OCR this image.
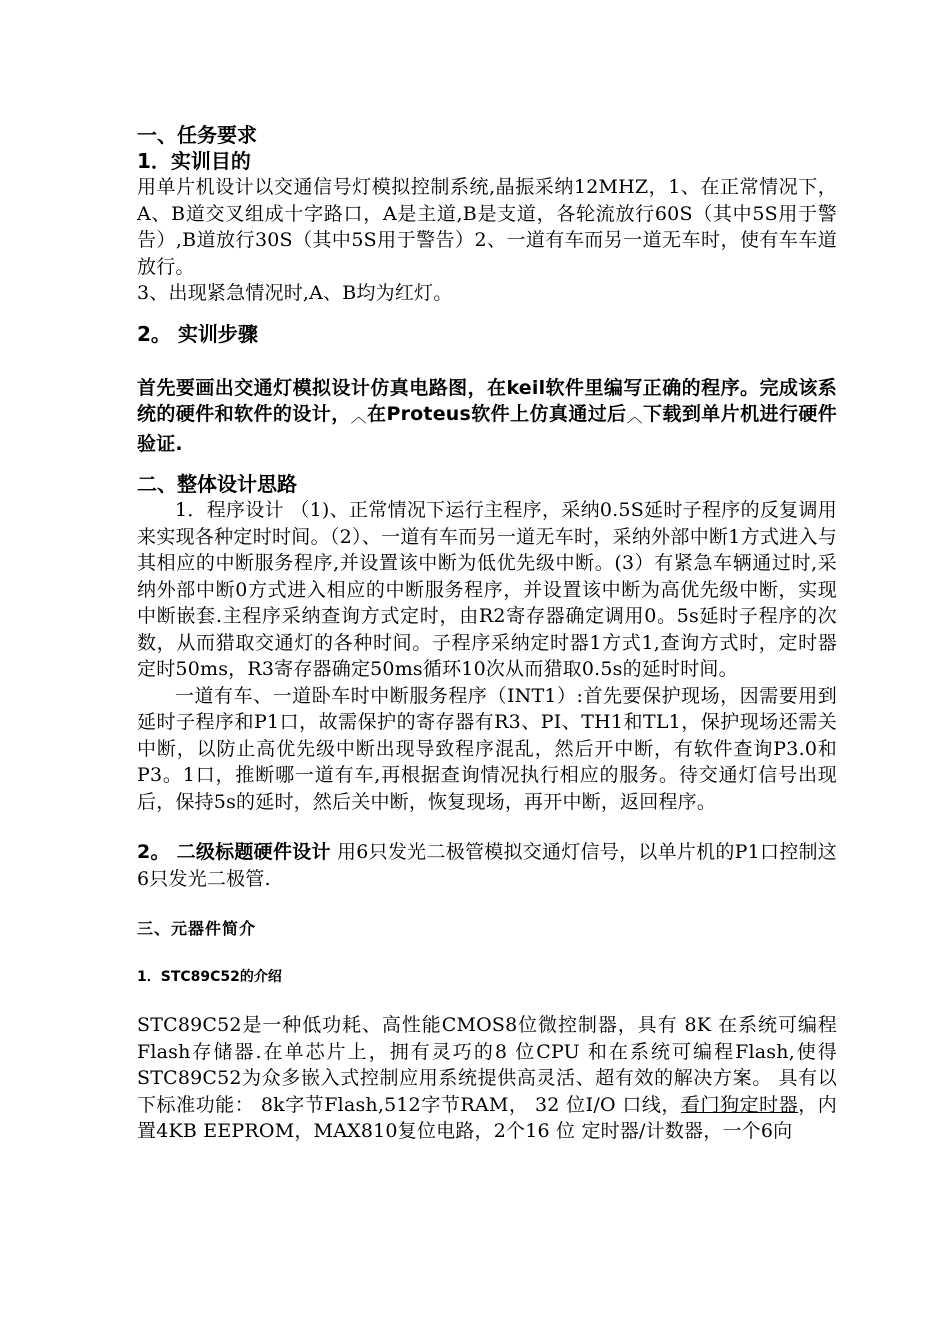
一、任务要求
1．实训目的

用单片机设计以交通信号灯模拟控制系统,晶振采纳12MHZ，1、在正常情况下，A、B道交叉组成十字路口，A是主道,B是支道，各轮流放行60S（其中5S用于警告）,B道放行30S（其中5S用于警告）2、一道有车而另一道无车时，使有车车道放行。

3、出现紧急情况时,A、B均为红灯。

2。 实训步骤

首先要画出交通灯模拟设计仿真电路图，在keil软件里编写正确的程序。完成该系统的硬件和软件的设计，︿在Proteus软件上仿真通过后︿下载到单片机进行硬件验证.

二、整体设计思路

1．程序设计 （1)、正常情况下运行主程序，采纳0.5S延时子程序的反复调用来实现各种定时时间。（2）、一道有车而另一道无车时，采纳外部中断1方式进入与其相应的中断服务程序,并设置该中断为低优先级中断。(3）有紧急车辆通过时,采纳外部中断0方式进入相应的中断服务程序，并设置该中断为高优先级中断，实现中断嵌套.主程序采纳查询方式定时，由R2寄存器确定调用0。5s延时子程序的次数，从而猎取交通灯的各种时间。子程序采纳定时器1方式1,查询方式时，定时器定时50ms，R3寄存器确定50ms循环10次从而猎取0.5s的延时时间。

一道有车、一道卧车时中断服务程序（INT1）:首先要保护现场，因需要用到延时子程序和P1口，故需保护的寄存器有R3、PI、TH1和TL1，保护现场还需关中断，以防止高优先级中断出现导致程序混乱，然后开中断，有软件查询P3.0和P3。1口，推断哪一道有车,再根据查询情况执行相应的服务。待交通灯信号出现后，保持5s的延时，然后关中断，恢复现场，再开中断，返回程序。

2。 二级标题硬件设计 用6只发光二极管模拟交通灯信号，以单片机的P1口控制这6只发光二极管.

三、元器件简介
1．STC89C52的介绍

STC89C52是一种低功耗、高性能CMOS8位微控制器，具有 8K 在系统可编程Flash存储器.在单芯片上，拥有灵巧的8 位CPU 和在系统可编程Flash,使得STC89C52为众多嵌入式控制应用系统提供高灵活、超有效的解决方案。 具有以下标准功能： 8k字节Flash,512字节RAM， 32 位I/O 口线，看门狗定时器，内置4KB EEPROM，MAX810复位电路，2个16 位 定时器/计数器，一个6向
